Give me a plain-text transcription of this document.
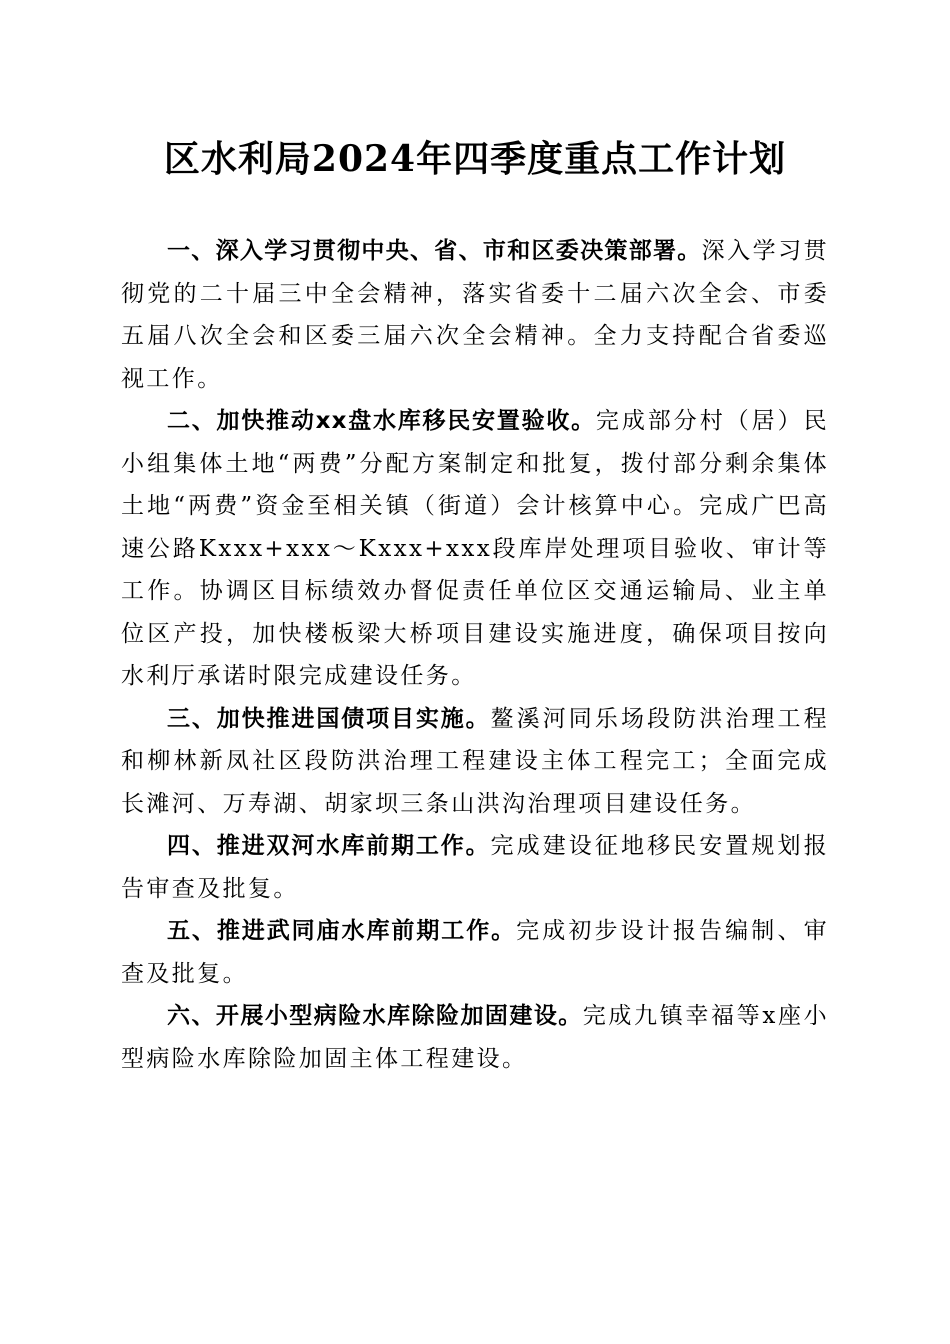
区水利局2024年四季度重点工作计划

一、深入学习贯彻中央、省、市和区委决策部署。深入学习贯彻党的二十届三中全会精神，落实省委十二届六次全会、市委五届八次全会和区委三届六次全会精神。全力支持配合省委巡视工作。

二、加快推动xx盘水库移民安置验收。完成部分村（居）民小组集体土地“两费”分配方案制定和批复，拨付部分剩余集体土地“两费”资金至相关镇（街道）会计核算中心。完成广巴高速公路Kxxx+xxx～Kxxx+xxx段库岸处理项目验收、审计等工作。协调区目标绩效办督促责任单位区交通运输局、业主单位区产投，加快楼板梁大桥项目建设实施进度，确保项目按向水利厅承诺时限完成建设任务。

三、加快推进国债项目实施。鳌溪河同乐场段防洪治理工程和柳林新凤社区段防洪治理工程建设主体工程完工；全面完成长滩河、万寿湖、胡家坝三条山洪沟治理项目建设任务。

四、推进双河水库前期工作。完成建设征地移民安置规划报告审查及批复。

五、推进武同庙水库前期工作。完成初步设计报告编制、审查及批复。

六、开展小型病险水库除险加固建设。完成九镇幸福等x座小型病险水库除险加固主体工程建设。
